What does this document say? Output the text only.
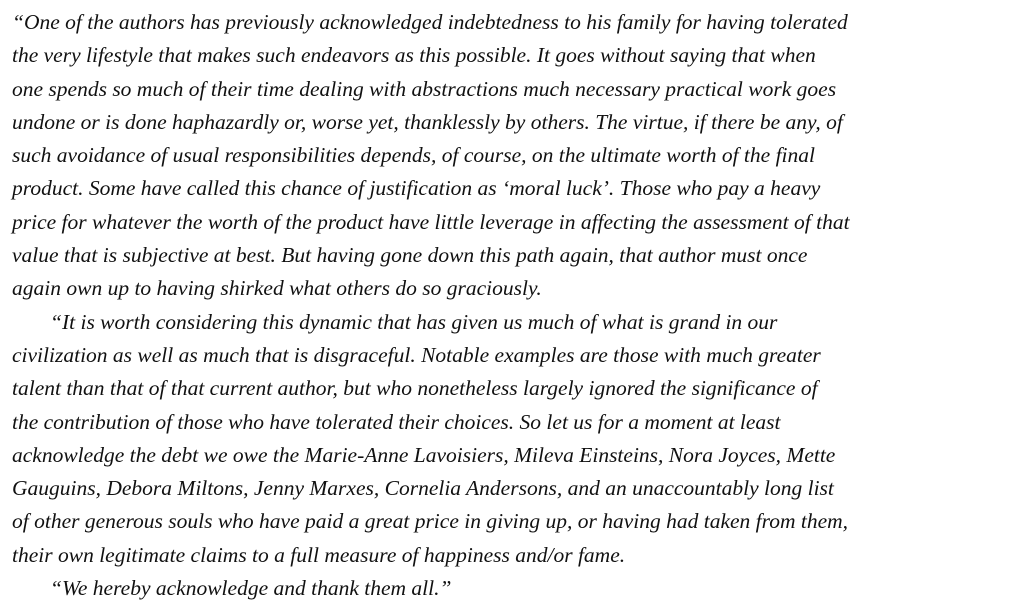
“One of the authors has previously acknowledged indebtedness to his family for having tolerated
the very lifestyle that makes such endeavors as this possible. It goes without saying that when
one spends so much of their time dealing with abstractions much necessary practical work goes
undone or is done haphazardly or, worse yet, thanklessly by others. The virtue, if there be any, of
such avoidance of usual responsibilities depends, of course, on the ultimate worth of the final
product. Some have called this chance of justification as ‘moral luck’. Those who pay a heavy
price for whatever the worth of the product have little leverage in affecting the assessment of that
value that is subjective at best. But having gone down this path again, that author must once
again own up to having shirked what others do so graciously.
“It is worth considering this dynamic that has given us much of what is grand in our
civilization as well as much that is disgraceful. Notable examples are those with much greater
talent than that of that current author, but who nonetheless largely ignored the significance of
the contribution of those who have tolerated their choices. So let us for a moment at least
acknowledge the debt we owe the Marie-Anne Lavoisiers, Mileva Einsteins, Nora Joyces, Mette
Gauguins, Debora Miltons, Jenny Marxes, Cornelia Andersons, and an unaccountably long list
of other generous souls who have paid a great price in giving up, or having had taken from them,
their own legitimate claims to a full measure of happiness and/or fame.
“We hereby acknowledge and thank them all.”
